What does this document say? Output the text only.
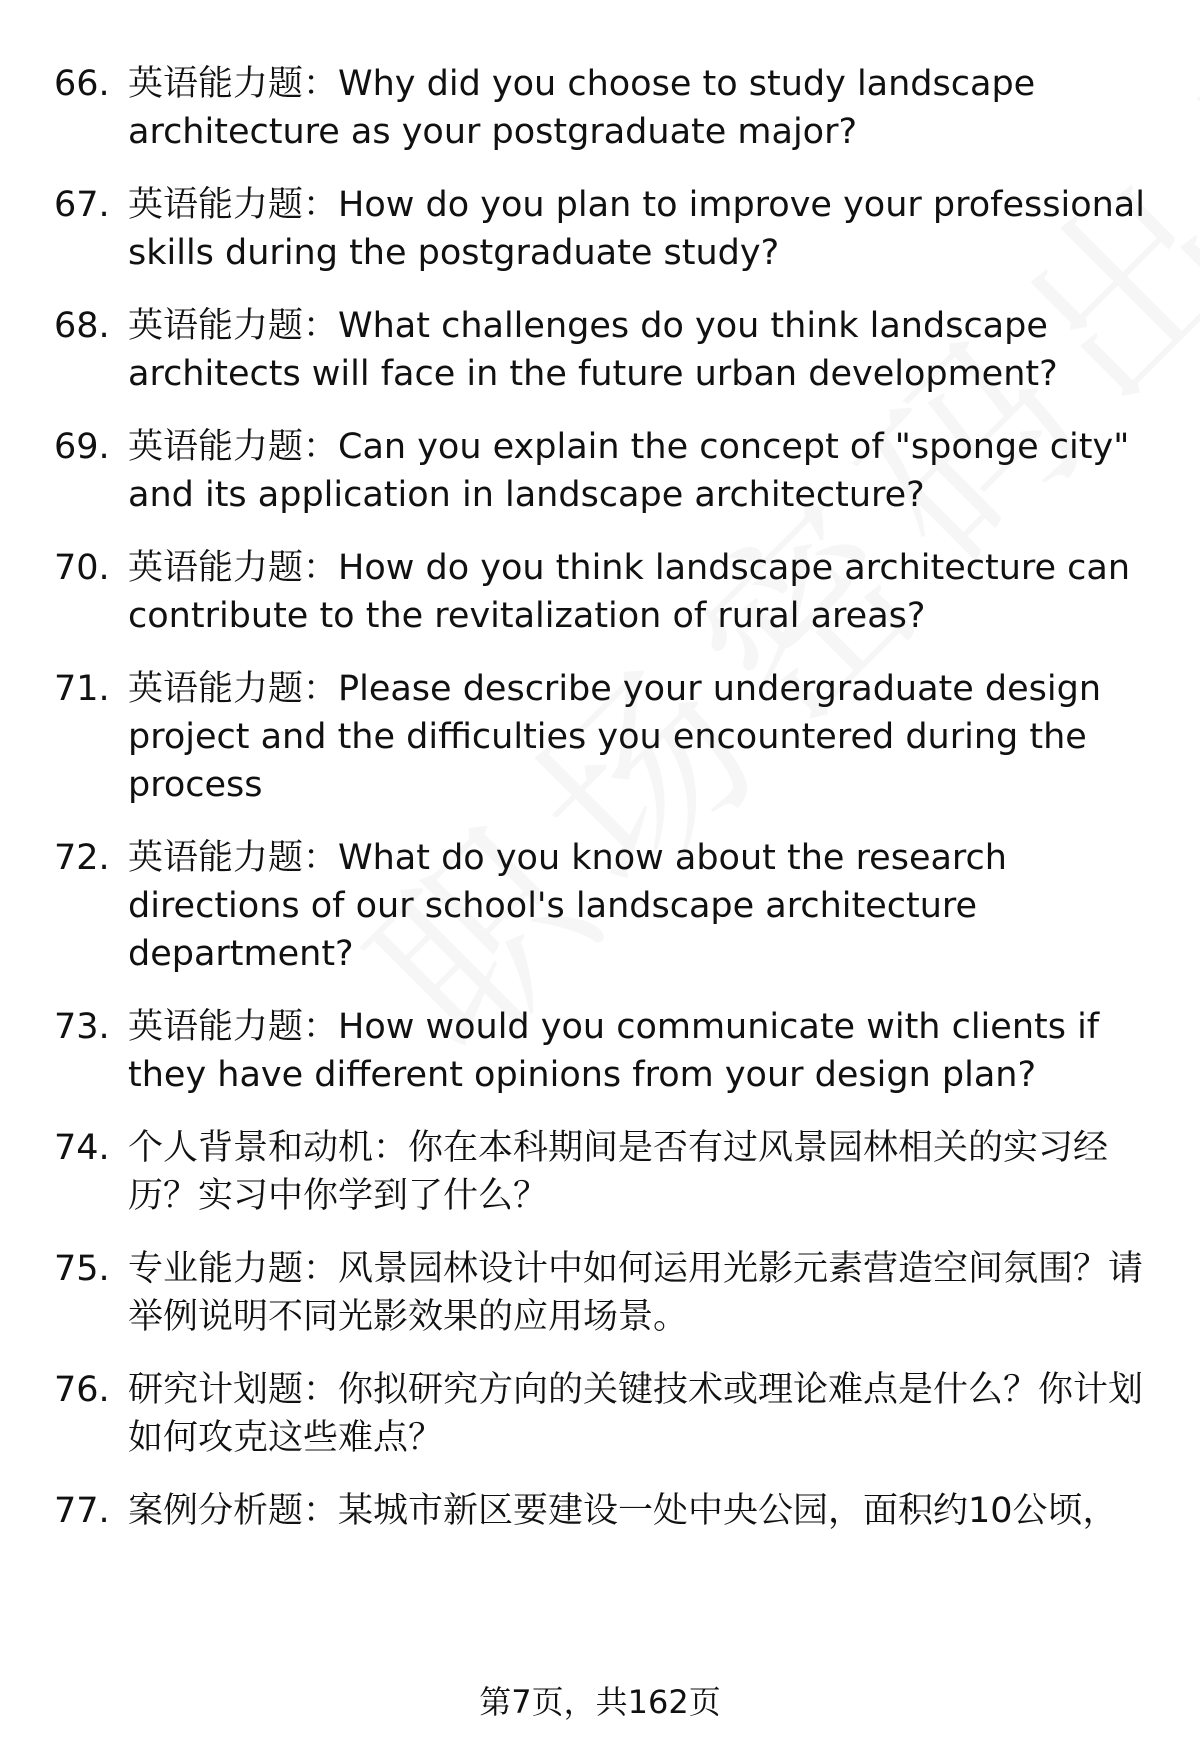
66. 英语能力题：Why did you choose to study landscape architecture as your postgraduate major?
67. 英语能力题：How do you plan to improve your professional skills during the postgraduate study?
68. 英语能力题：What challenges do you think landscape architects will face in the future urban development?
69. 英语能力题：Can you explain the concept of "sponge city" and its application in landscape architecture?
70. 英语能力题：How do you think landscape architecture can contribute to the revitalization of rural areas?
71. 英语能力题：Please describe your undergraduate design project and the difficulties you encountered during the process
72. 英语能力题：What do you know about the research directions of our school's landscape architecture department?
73. 英语能力题：How would you communicate with clients if they have different opinions from your design plan?
74. 个人背景和动机：你在本科期间是否有过风景园林相关的实习经历？实习中你学到了什么？
75. 专业能力题：风景园林设计中如何运用光影元素营造空间氛围？请举例说明不同光影效果的应用场景。
76. 研究计划题：你拟研究方向的关键技术或理论难点是什么？你计划如何攻克这些难点？
77. 案例分析题：某城市新区要建设一处中央公园，面积约10公顷，
第7页，共162页
